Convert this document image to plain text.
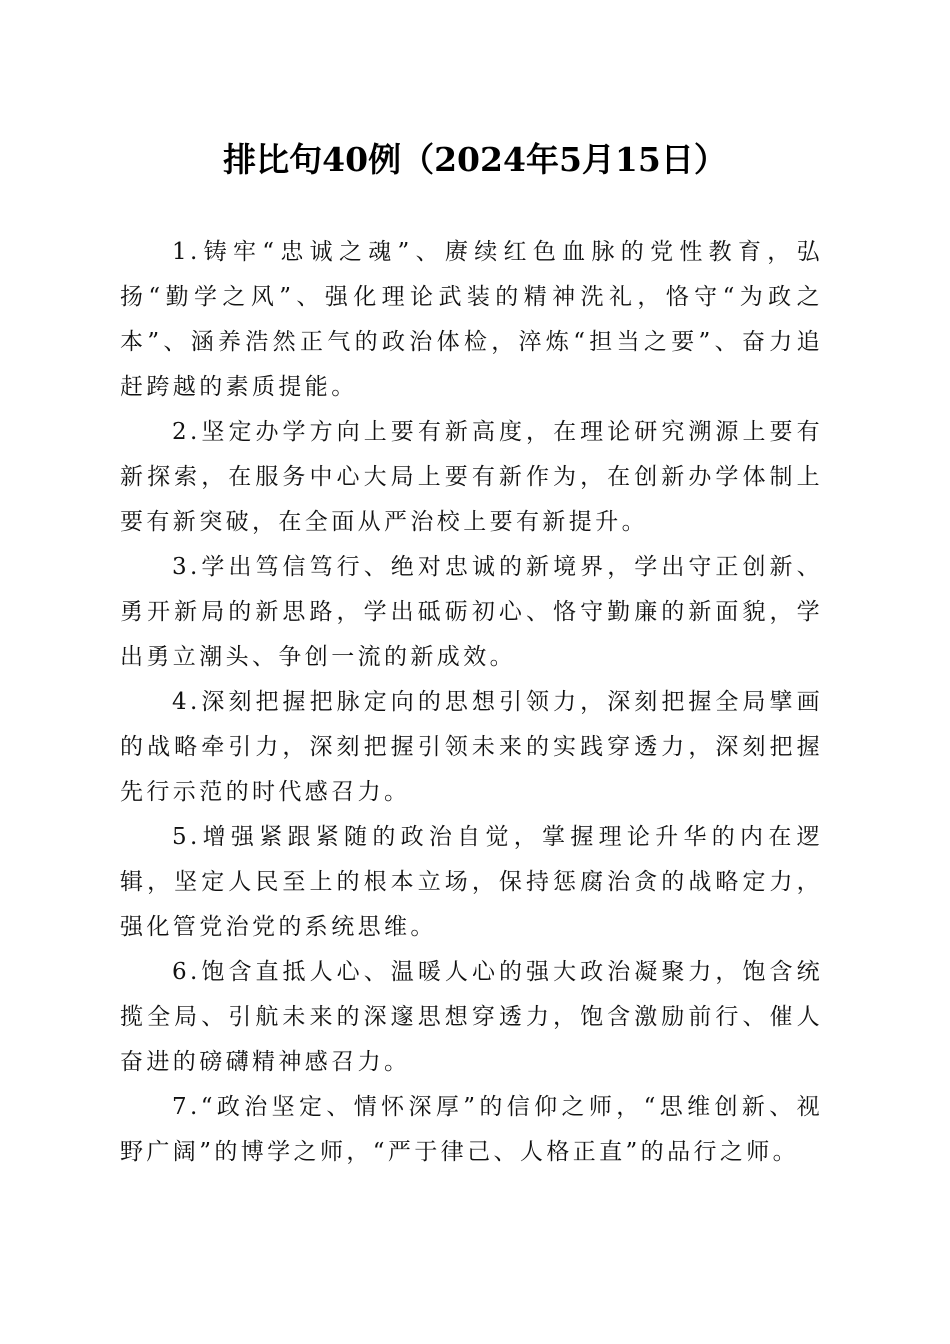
排比句40例（2024年5月15日）

1.铸牢“忠诚之魂”、赓续红色血脉的党性教育，弘扬“勤学之风”、强化理论武装的精神洗礼，恪守“为政之本”、涵养浩然正气的政治体检，淬炼“担当之要”、奋力追赶跨越的素质提能。

2.坚定办学方向上要有新高度，在理论研究溯源上要有新探索，在服务中心大局上要有新作为，在创新办学体制上要有新突破，在全面从严治校上要有新提升。

3.学出笃信笃行、绝对忠诚的新境界，学出守正创新、勇开新局的新思路，学出砥砺初心、恪守勤廉的新面貌，学出勇立潮头、争创一流的新成效。

4.深刻把握把脉定向的思想引领力，深刻把握全局擘画的战略牵引力，深刻把握引领未来的实践穿透力，深刻把握先行示范的时代感召力。

5.增强紧跟紧随的政治自觉，掌握理论升华的内在逻辑，坚定人民至上的根本立场，保持惩腐治贪的战略定力，强化管党治党的系统思维。

6.饱含直抵人心、温暖人心的强大政治凝聚力，饱含统揽全局、引航未来的深邃思想穿透力，饱含激励前行、催人奋进的磅礴精神感召力。

7.“政治坚定、情怀深厚”的信仰之师，“思维创新、视野广阔”的博学之师，“严于律己、人格正直”的品行之师。
